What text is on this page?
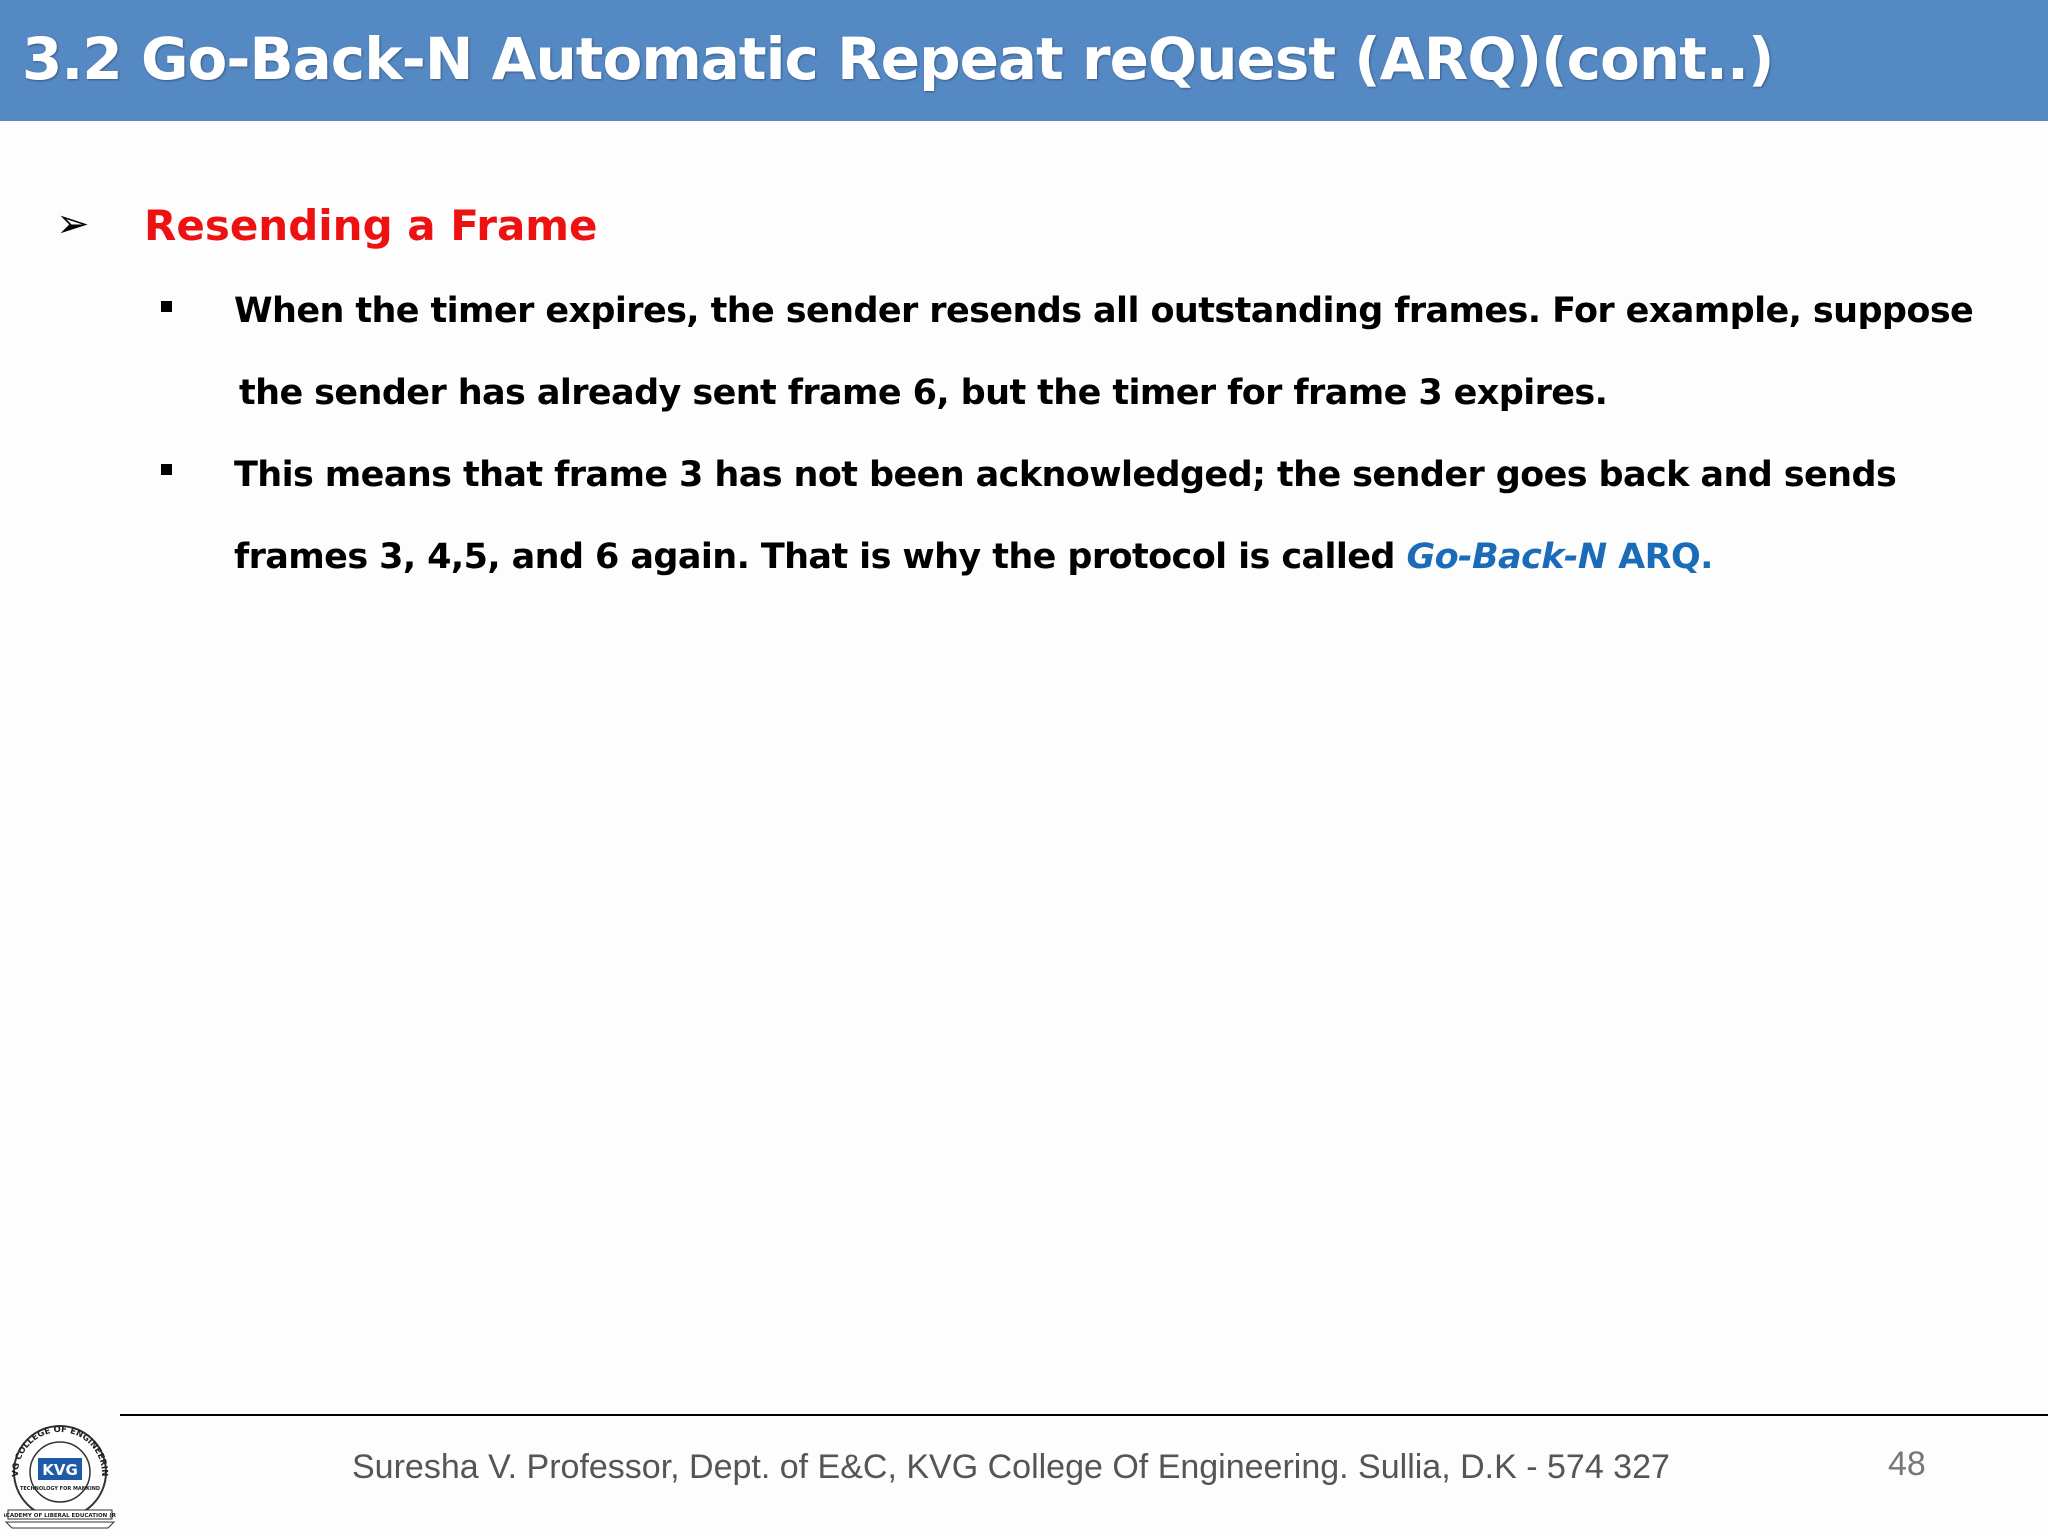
3.2 Go-Back-N Automatic Repeat reQuest (ARQ)(cont..)
➢ Resending a Frame
When the timer expires, the sender resends all outstanding frames. For example, suppose
the sender has already sent frame 6, but the timer for frame 3 expires.
This means that frame 3 has not been acknowledged; the sender goes back and sends
frames 3, 4,5, and 6 again. That is why the protocol is called Go-Back-N ARQ.
VG COLLEGE OF ENGINEERIN
KVG
TECHNOLOGY FOR MANKIND
ACADEMY OF LIBERAL EDUCATION (R)
Suresha V. Professor, Dept. of E&C, KVG College Of Engineering. Sullia, D.K - 574 327	48
